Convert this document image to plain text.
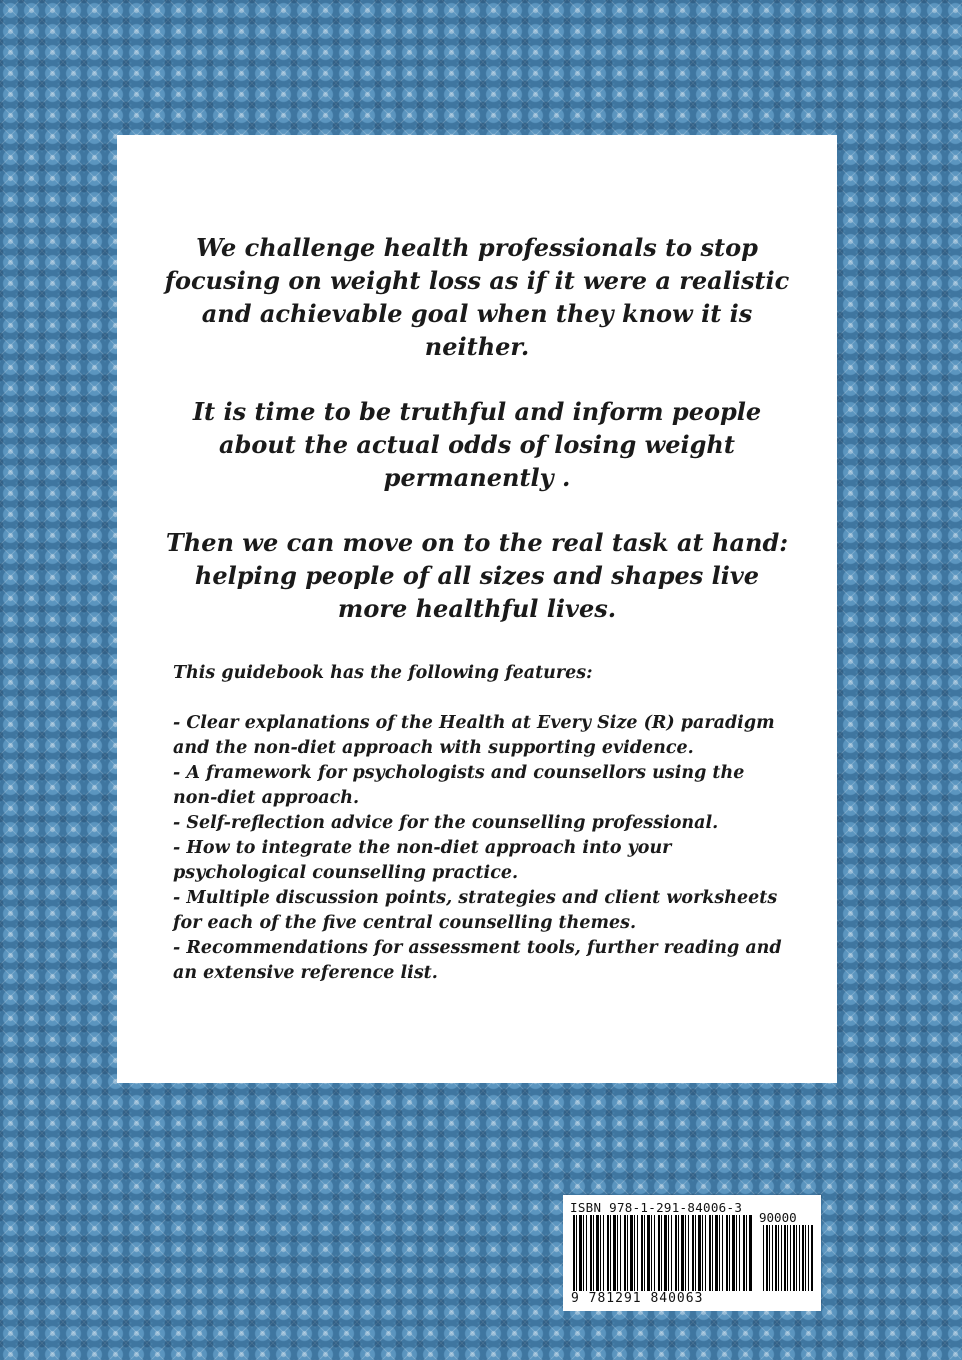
We challenge health professionals to stop focusing on weight loss as if it were a realistic and achievable goal when they know it is neither.

It is time to be truthful and inform people about the actual odds of losing weight permanently .

Then we can move on to the real task at hand: helping people of all sizes and shapes live more healthful lives.

This guidebook has the following features:

- Clear explanations of the Health at Every Size (R) paradigm and the non-diet approach with supporting evidence.
- A framework for psychologists and counsellors using the non-diet approach.
- Self-reflection advice for the counselling professional.
- How to integrate the non-diet approach into your psychological counselling practice.
- Multiple discussion points, strategies and client worksheets for each of the five central counselling themes.
- Recommendations for assessment tools, further reading and an extensive reference list.
ISBN 978-1-291-84006-3
90000
9 781291 840063
